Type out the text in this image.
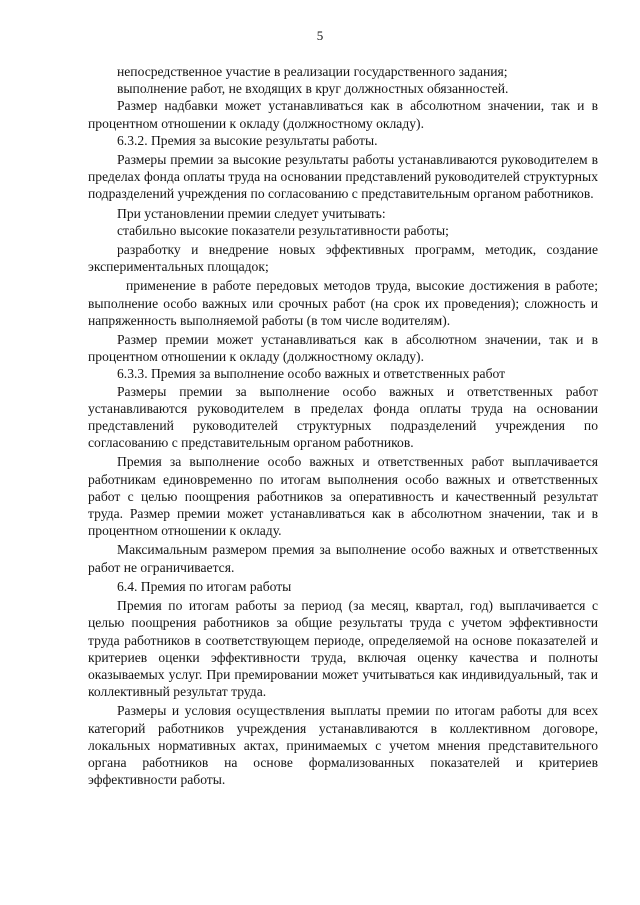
5

непосредственное участие в реализации государственного задания;

выполнение работ, не входящих в круг должностных обязанностей.

Размер надбавки может устанавливаться как в абсолютном значении, так и в процентном отношении к окладу (должностному окладу).

6.3.2. Премия за высокие результаты работы.

Размеры премии за высокие результаты работы устанавливаются руководителем в пределах фонда оплаты труда на основании представлений руководителей структурных подразделений учреждения по согласованию с представительным органом работников.

При установлении премии следует учитывать:

стабильно высокие показатели результативности работы;

разработку и внедрение новых эффективных программ, методик, создание экспериментальных площадок;

применение в работе передовых методов труда, высокие достижения в работе; выполнение особо важных или срочных работ (на срок их проведения); сложность и напряженность выполняемой работы (в том числе водителям).

Размер премии может устанавливаться как в абсолютном значении, так и в процентном отношении к окладу (должностному окладу).

6.3.3. Премия за выполнение особо важных и ответственных работ

Размеры премии за выполнение особо важных и ответственных работ устанавливаются руководителем в пределах фонда оплаты труда на основании представлений руководителей структурных подразделений учреждения по согласованию с представительным органом работников.

Премия за выполнение особо важных и ответственных работ выплачивается работникам единовременно по итогам выполнения особо важных и ответственных работ с целью поощрения работников за оперативность и качественный результат труда. Размер премии может устанавливаться как в абсолютном значении, так и в процентном отношении к окладу.

Максимальным размером премия за выполнение особо важных и ответственных работ не ограничивается.

6.4. Премия по итогам работы

Премия по итогам работы за период (за месяц, квартал, год) выплачивается с целью поощрения работников за общие результаты труда с учетом эффективности труда работников в соответствующем периоде, определяемой на основе показателей и критериев оценки эффективности труда, включая оценку качества и полноты оказываемых услуг. При премировании может учитываться как индивидуальный, так и коллективный результат труда.

Размеры и условия осуществления выплаты премии по итогам работы для всех категорий работников учреждения устанавливаются в коллективном договоре, локальных нормативных актах, принимаемых с учетом мнения представительного органа работников на основе формализованных показателей и критериев эффективности работы.
